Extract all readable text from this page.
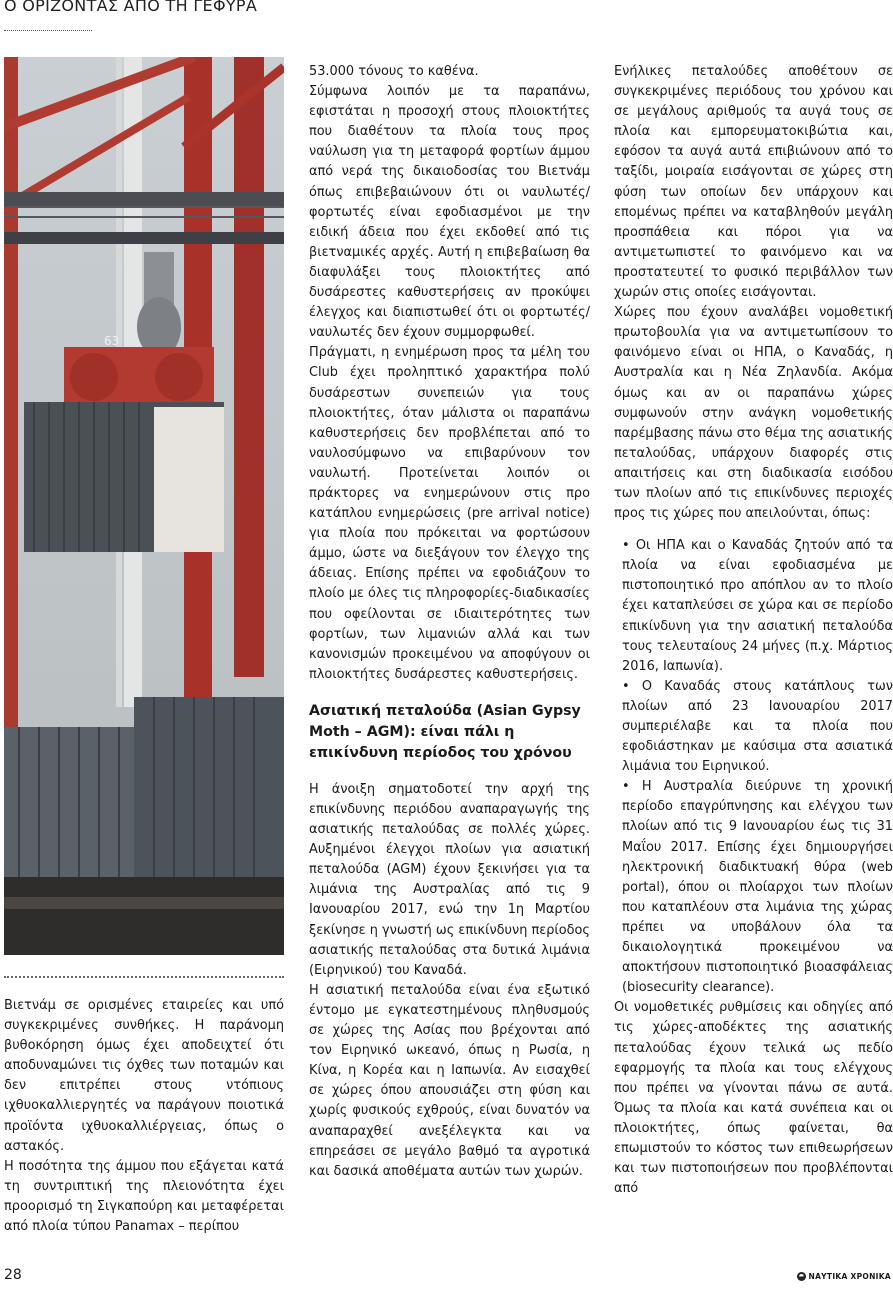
Ο ΟΡΙΖΟΝΤΑΣ ΑΠΟ ΤΗ ΓΕΦΥΡΑ
63

Βιετνάμ σε ορισμένες εταιρείες και υπό συγκεκριμένες συνθήκες. Η παράνομη βυθοκόρηση όμως έχει αποδειχτεί ότι αποδυναμώνει τις όχθες των ποταμών και δεν επιτρέπει στους ντόπιους ιχθυοκαλλιεργητές να παράγουν ποιοτικά προϊόντα ιχθυοκαλλιέργειας, όπως ο αστακός.

Η ποσότητα της άμμου που εξάγεται κατά τη συντριπτική της πλειονότητα έχει προορισμό τη Σιγκαπούρη και μεταφέρεται από πλοία τύπου Panamax – περίπου

53.000 τόνους το καθένα.

Σύμφωνα λοιπόν με τα παραπάνω, εφιστάται η προσοχή στους πλοιοκτήτες που διαθέτουν τα πλοία τους προς ναύλωση για τη μεταφορά φορτίων άμμου από νερά της δικαιοδοσίας του Βιετνάμ όπως επιβεβαιώνουν ότι οι ναυλωτές/φορτωτές είναι εφοδιασμένοι με την ειδική άδεια που έχει εκδοθεί από τις βιετναμικές αρχές. Αυτή η επιβεβαίωση θα διαφυλάξει τους πλοιοκτήτες από δυσάρεστες καθυστερήσεις αν προκύψει έλεγχος και διαπιστωθεί ότι οι φορτωτές/ναυλωτές δεν έχουν συμμορφωθεί.

Πράγματι, η ενημέρωση προς τα μέλη του Club έχει προληπτικό χαρακτήρα πολύ δυσάρεστων συνεπειών για τους πλοιοκτήτες, όταν μάλιστα οι παραπάνω καθυστερήσεις δεν προβλέπεται από το ναυλοσύμφωνο να επιβαρύνουν τον ναυλωτή. Προτείνεται λοιπόν οι πράκτορες να ενημερώνουν στις προ κατάπλου ενημερώσεις (pre arrival notice) για πλοία που πρόκειται να φορτώσουν άμμο, ώστε να διεξάγουν τον έλεγχο της άδειας. Επίσης πρέπει να εφοδιάζουν το πλοίο με όλες τις πληροφορίες-διαδικασίες που οφείλονται σε ιδιαιτερότητες των φορτίων, των λιμανιών αλλά και των κανονισμών προκειμένου να αποφύγουν οι πλοιοκτήτες δυσάρεστες καθυστερήσεις.

Ασιατική πεταλούδα (Asian Gypsy Moth – AGM): είναι πάλι η επικίνδυνη περίοδος του χρόνου

Η άνοιξη σηματοδοτεί την αρχή της επικίνδυνης περιόδου αναπαραγωγής της ασιατικής πεταλούδας σε πολλές χώρες. Αυξημένοι έλεγχοι πλοίων για ασιατική πεταλούδα (AGM) έχουν ξεκινήσει για τα λιμάνια της Αυστραλίας από τις 9 Ιανουαρίου 2017, ενώ την 1η Μαρτίου ξεκίνησε η γνωστή ως επικίνδυνη περίοδος ασιατικής πεταλούδας στα δυτικά λιμάνια (Ειρηνικού) του Καναδά.

Η ασιατική πεταλούδα είναι ένα εξωτικό έντομο με εγκατεστημένους πληθυσμούς σε χώρες της Ασίας που βρέχονται από τον Ειρηνικό ωκεανό, όπως η Ρωσία, η Κίνα, η Κορέα και η Ιαπωνία. Αν εισαχθεί σε χώρες όπου απουσιάζει στη φύση και χωρίς φυσικούς εχθρούς, είναι δυνατόν να αναπαραχθεί ανεξέλεγκτα και να επηρεάσει σε μεγάλο βαθμό τα αγροτικά και δασικά αποθέματα αυτών των χωρών.

Ενήλικες πεταλούδες αποθέτουν σε συγκεκριμένες περιόδους του χρόνου και σε μεγάλους αριθμούς τα αυγά τους σε πλοία και εμπορευματοκιβώτια και, εφόσον τα αυγά αυτά επιβιώνουν από το ταξίδι, μοιραία εισάγονται σε χώρες στη φύση των οποίων δεν υπάρχουν και επομένως πρέπει να καταβληθούν μεγάλη προσπάθεια και πόροι για να αντιμετωπιστεί το φαινόμενο και να προστατευτεί το φυσικό περιβάλλον των χωρών στις οποίες εισάγονται.

Χώρες που έχουν αναλάβει νομοθετική πρωτοβουλία για να αντιμετωπίσουν το φαινόμενο είναι οι ΗΠΑ, ο Καναδάς, η Αυστραλία και η Νέα Ζηλανδία. Ακόμα όμως και αν οι παραπάνω χώρες συμφωνούν στην ανάγκη νομοθετικής παρέμβασης πάνω στο θέμα της ασιατικής πεταλούδας, υπάρχουν διαφορές στις απαιτήσεις και στη διαδικασία εισόδου των πλοίων από τις επικίνδυνες περιοχές προς τις χώρες που απειλούνται, όπως:

• Οι ΗΠΑ και ο Καναδάς ζητούν από τα πλοία να είναι εφοδιασμένα με πιστοποιητικό προ απόπλου αν το πλοίο έχει καταπλεύσει σε χώρα και σε περίοδο επικίνδυνη για την ασιατική πεταλούδα τους τελευταίους 24 μήνες (π.χ. Μάρτιος 2016, Ιαπωνία).

• Ο Καναδάς στους κατάπλους των πλοίων από 23 Ιανουαρίου 2017 συμπεριέλαβε και τα πλοία που εφοδιάστηκαν με καύσιμα στα ασιατικά λιμάνια του Ειρηνικού.

• Η Αυστραλία διεύρυνε τη χρονική περίοδο επαγρύπνησης και ελέγχου των πλοίων από τις 9 Ιανουαρίου έως τις 31 Μαΐου 2017. Επίσης έχει δημιουργήσει ηλεκτρονική διαδικτυακή θύρα (web portal), όπου οι πλοίαρχοι των πλοίων που καταπλέουν στα λιμάνια της χώρας πρέπει να υποβάλουν όλα τα δικαιολογητικά προκειμένου να αποκτήσουν πιστοποιητικό βιοασφάλειας (biosecurity clearance).

Οι νομοθετικές ρυθμίσεις και οδηγίες από τις χώρες-αποδέκτες της ασιατικής πεταλούδας έχουν τελικά ως πεδίο εφαρμογής τα πλοία και τους ελέγχους που πρέπει να γίνονται πάνω σε αυτά. Όμως τα πλοία και κατά συνέπεια και οι πλοιοκτήτες, όπως φαίνεται, θα επωμιστούν το κόστος των επιθεωρήσεων και των πιστοποιήσεων που προβλέπονται από

28	ΝΑΥΤΙΚΑ ΧΡΟΝΙΚΑ
